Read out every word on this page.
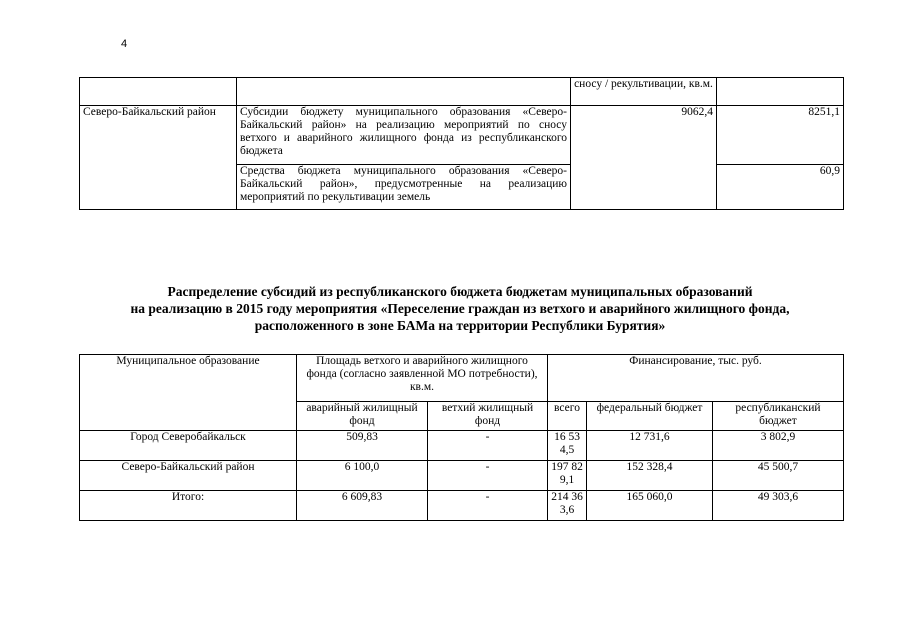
4
		сносу / рекультивации, кв.м.	
Северо-Байкальский район	Субсидии бюджету муниципального образования «Северо-Байкальский район» на реализацию мероприятий по сносу ветхого и аварийного жилищного фонда из республиканского бюджета	9062,4	8251,1
	Средства бюджета муниципального образования «Северо-Байкальский район», предусмотренные на реализацию мероприятий по рекультивации земель		60,9
Распределение субсидий из республиканского бюджета бюджетам муниципальных образований
на реализацию в 2015 году мероприятия «Переселение граждан из ветхого и аварийного жилищного фонда,
расположенного в зоне БАМа на территории Республики Бурятия»
Муниципальное образование	Площадь ветхого и аварийного жилищного фонда (согласно заявленной МО потребности), кв.м.		Финансирование, тыс. руб.		
	аварийный жилищный фонд	ветхий жилищный фонд	всего	федеральный бюджет	республиканский бюджет
Город Северобайкальск	509,83	-	16 534,5	12 731,6	3 802,9
Северо-Байкальский район	6 100,0	-	197 829,1	152 328,4	45 500,7
Итого:	6 609,83	-	214 363,6	165 060,0	49 303,6
